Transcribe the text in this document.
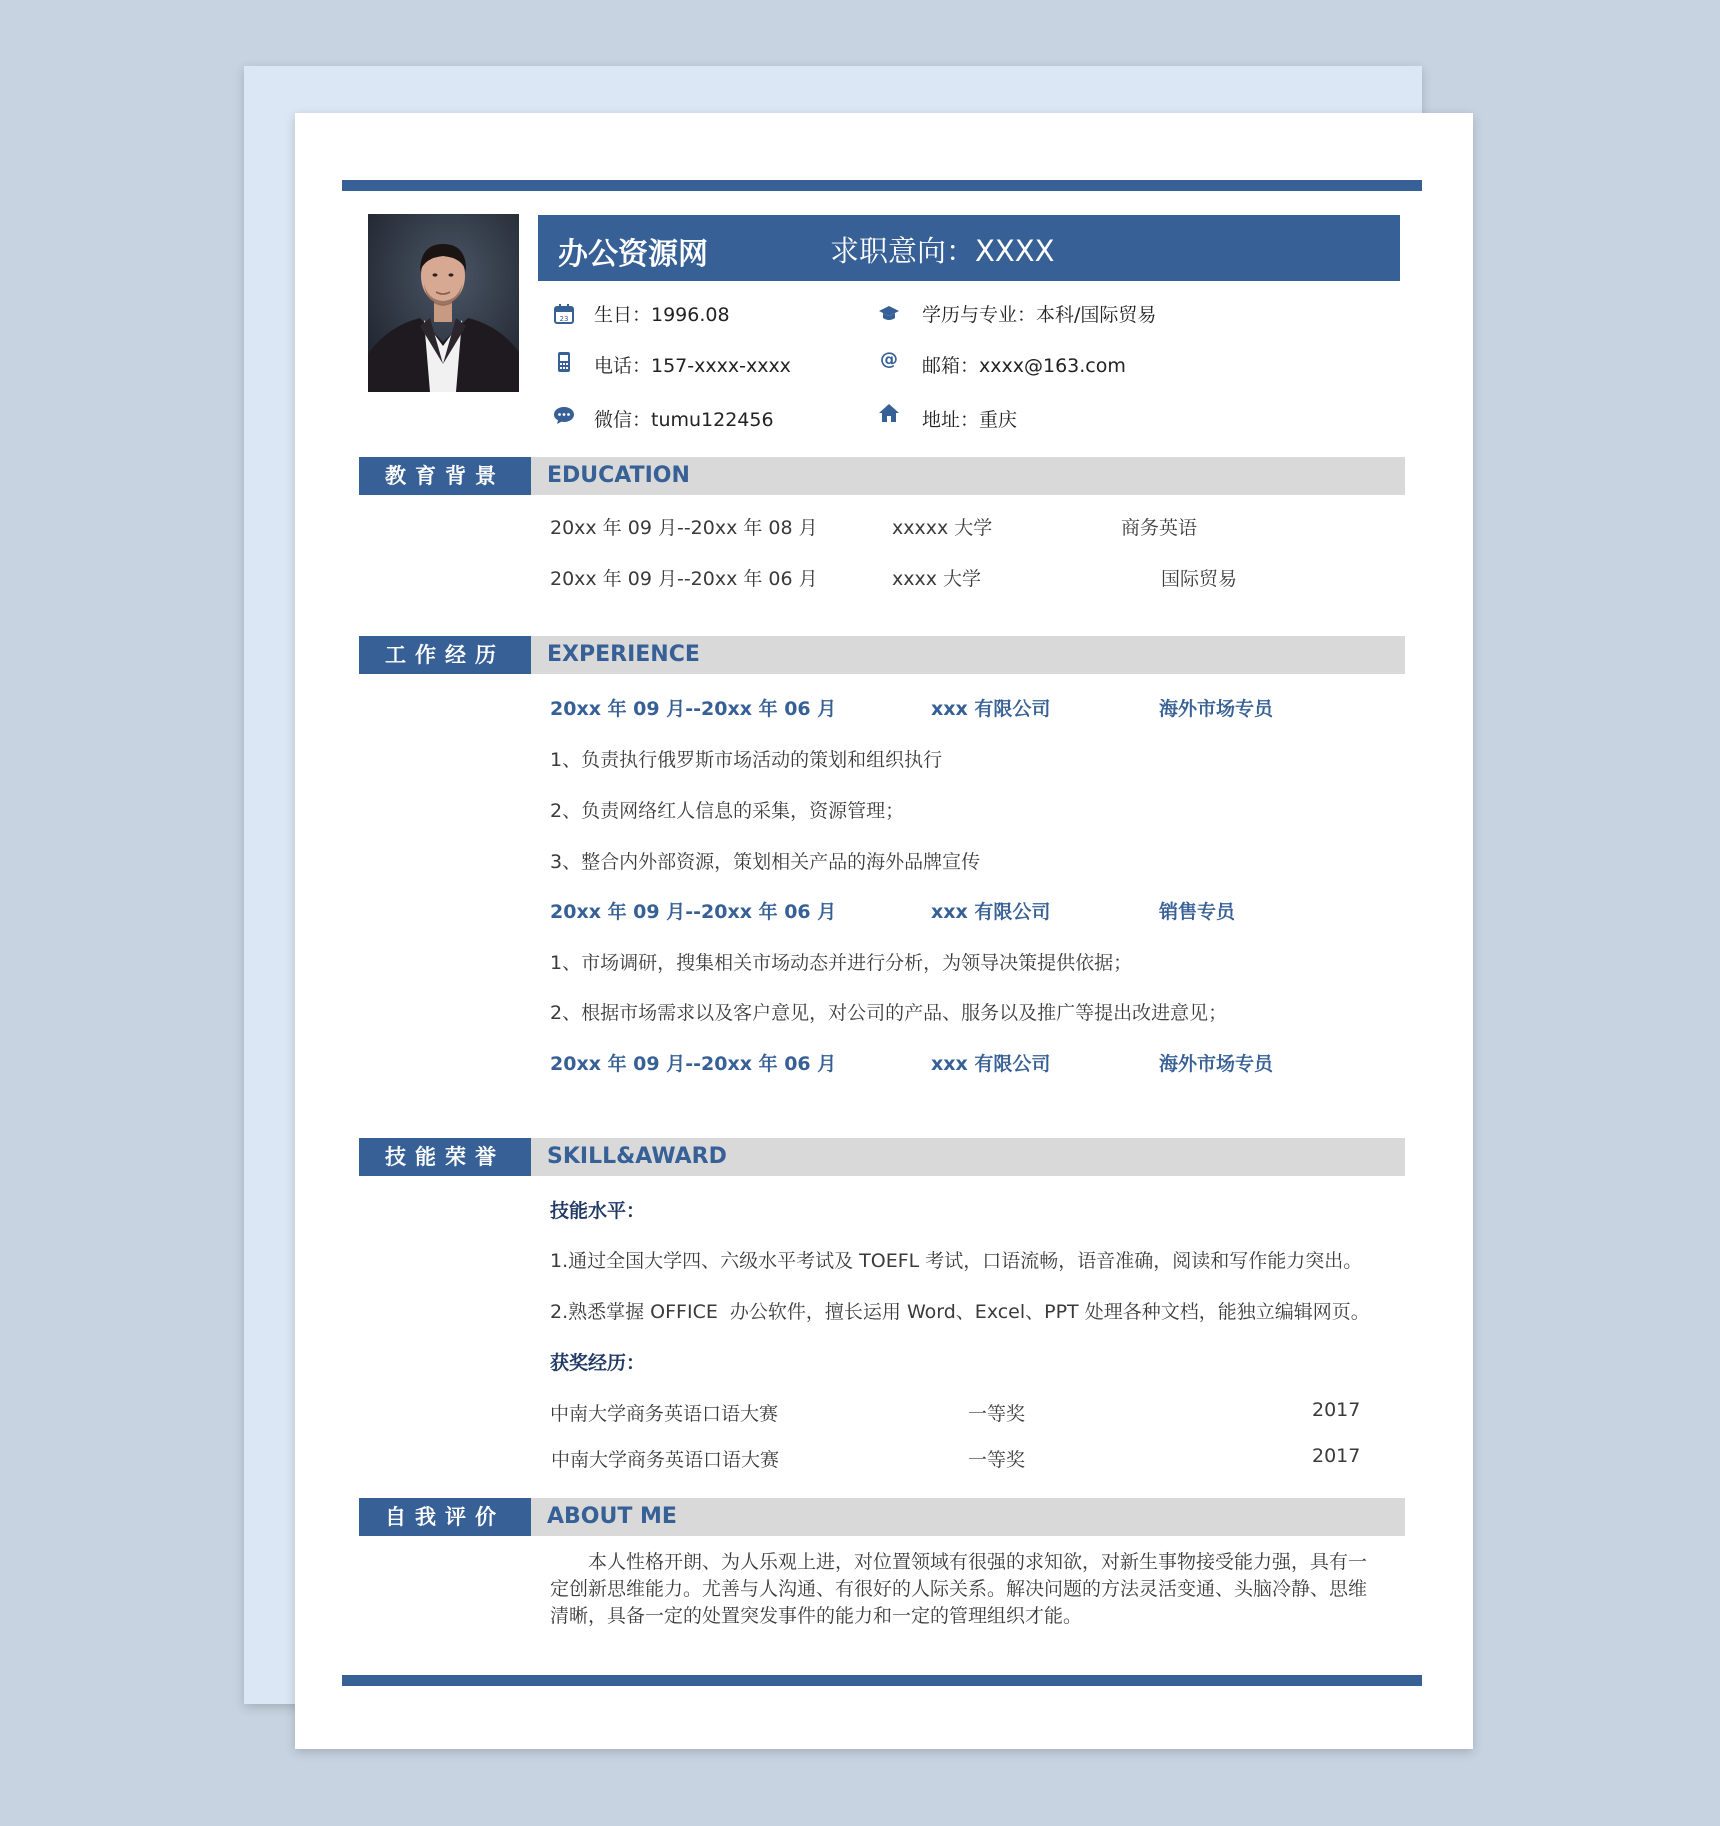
办公资源网	求职意向：XXXX
23 生日：1996.08	学历与专业：本科/国际贸易
电话：157-xxxx-xxxx	@ 邮箱：xxxx@163.com
微信：tumu122456	地址：重庆
教育背景	EDUCATION
20xx 年 09 月--20xx 年 08 月	xxxxx 大学	商务英语
20xx 年 09 月--20xx 年 06 月	xxxx 大学	国际贸易
工作经历	EXPERIENCE
20xx 年 09 月--20xx 年 06 月	xxx 有限公司	海外市场专员
1、负责执行俄罗斯市场活动的策划和组织执行
2、负责网络红人信息的采集，资源管理；
3、整合内外部资源，策划相关产品的海外品牌宣传
20xx 年 09 月--20xx 年 06 月	xxx 有限公司	销售专员
1、市场调研，搜集相关市场动态并进行分析，为领导决策提供依据；
2、根据市场需求以及客户意见，对公司的产品、服务以及推广等提出改进意见；
20xx 年 09 月--20xx 年 06 月	xxx 有限公司	海外市场专员
技能荣誉	SKILL&AWARD
技能水平：
1.通过全国大学四、六级水平考试及 TOEFL 考试，口语流畅，语音准确，阅读和写作能力突出。
2.熟悉掌握 OFFICE  办公软件，擅长运用 Word、Excel、PPT 处理各种文档，能独立编辑网页。
获奖经历：
中南大学商务英语口语大赛	一等奖	2017
中南大学商务英语口语大赛	一等奖	2017
自我评价	ABOUT ME
本人性格开朗、为人乐观上进，对位置领域有很强的求知欲，对新生事物接受能力强，具有一定创新思维能力。尤善与人沟通、有很好的人际关系。解决问题的方法灵活变通、头脑冷静、思维清晰，具备一定的处置突发事件的能力和一定的管理组织才能。
